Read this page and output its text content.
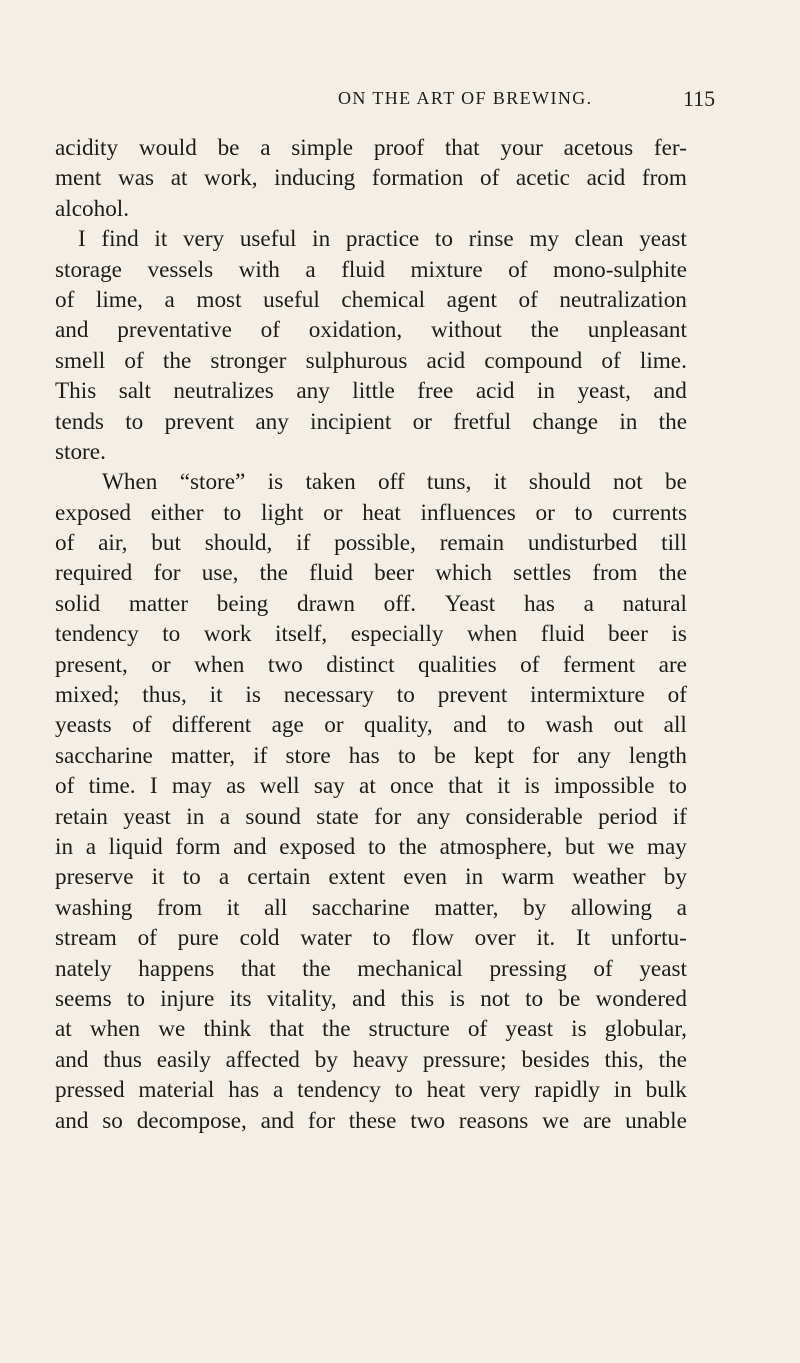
ON THE ART OF BREWING.	115
acidity would be a simple proof that your acetous fer-
ment was at work, inducing formation of acetic acid from
alcohol.
I find it very useful in practice to rinse my clean yeast
storage vessels with a fluid mixture of mono-sulphite
of lime, a most useful chemical agent of neutralization
and preventative of oxidation, without the unpleasant
smell of the stronger sulphurous acid compound of lime.
This salt neutralizes any little free acid in yeast, and
tends to prevent any incipient or fretful change in the
store.
When “store” is taken off tuns, it should not be
exposed either to light or heat influences or to currents
of air, but should, if possible, remain undisturbed till
required for use, the fluid beer which settles from the
solid matter being drawn off. Yeast has a natural
tendency to work itself, especially when fluid beer is
present, or when two distinct qualities of ferment are
mixed; thus, it is necessary to prevent intermixture of
yeasts of different age or quality, and to wash out all
saccharine matter, if store has to be kept for any length
of time. I may as well say at once that it is impossible to
retain yeast in a sound state for any considerable period if
in a liquid form and exposed to the atmosphere, but we may
preserve it to a certain extent even in warm weather by
washing from it all saccharine matter, by allowing a
stream of pure cold water to flow over it. It unfortu-
nately happens that the mechanical pressing of yeast
seems to injure its vitality, and this is not to be wondered
at when we think that the structure of yeast is globular,
and thus easily affected by heavy pressure; besides this, the
pressed material has a tendency to heat very rapidly in bulk
and so decompose, and for these two reasons we are unable
